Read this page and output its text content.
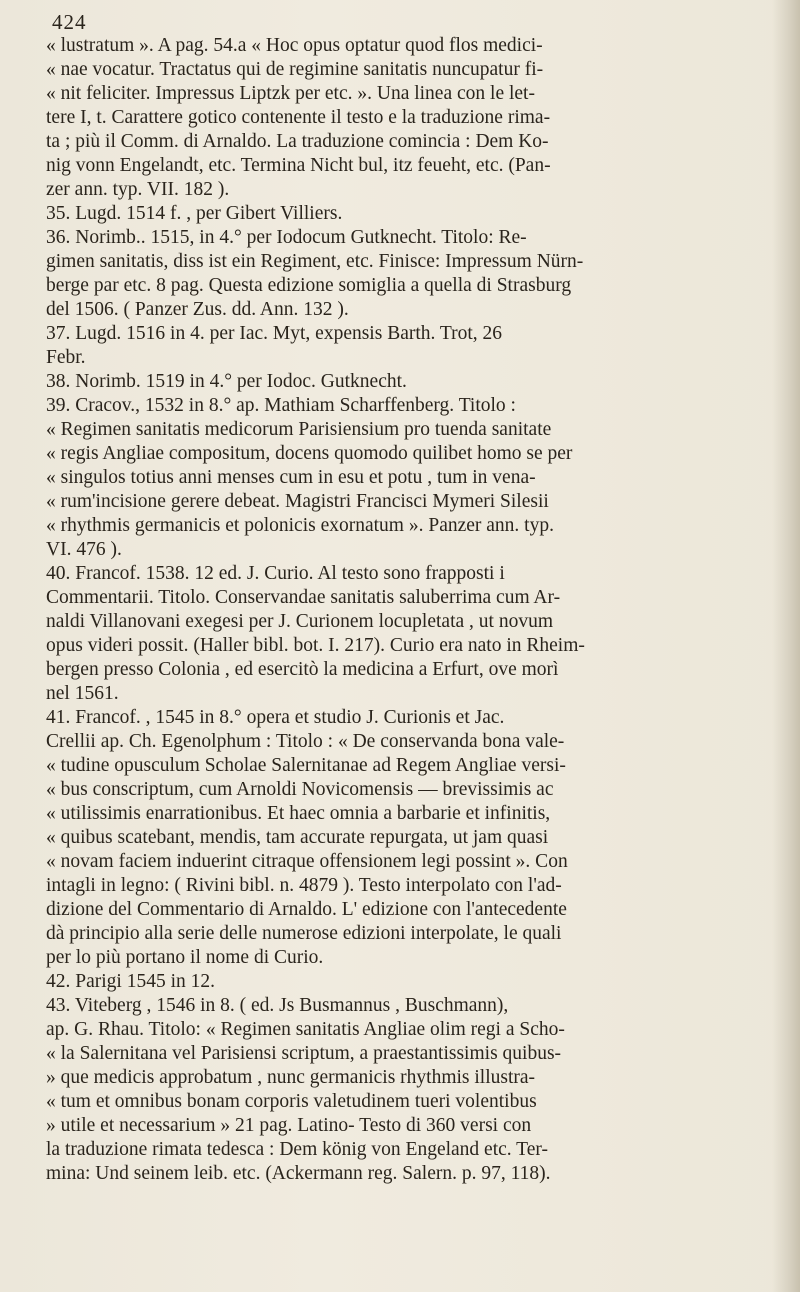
424
« lustratum ». A pag. 54.a « Hoc opus optatur quod flos medici-
« nae vocatur. Tractatus qui de regimine sanitatis nuncupatur fi-
« nit feliciter. Impressus Liptzk per etc. ». Una linea con le let-
tere I, t. Carattere gotico contenente il testo e la traduzione rima-
ta ; più il Comm. di Arnaldo. La traduzione comincia : Dem Ko-
nig vonn Engelandt, etc. Termina Nicht bul, itz feueht, etc. (Pan-
zer ann. typ. VII. 182 ).
35. Lugd. 1514 f. , per Gibert Villiers.
36. Norimb.. 1515, in 4.° per Iodocum Gutknecht. Titolo: Re-
gimen sanitatis, diss ist ein Regiment, etc. Finisce: Impressum Nürn-
berge par etc. 8 pag. Questa edizione somiglia a quella di Strasburg
del 1506. ( Panzer Zus. dd. Ann. 132 ).
37. Lugd. 1516 in 4. per Iac. Myt, expensis Barth. Trot, 26
Febr.
38. Norimb. 1519 in 4.° per Iodoc. Gutknecht.
39. Cracov., 1532 in 8.° ap. Mathiam Scharffenberg. Titolo :
« Regimen sanitatis medicorum Parisiensium pro tuenda sanitate
« regis Angliae compositum, docens quomodo quilibet homo se per
« singulos totius anni menses cum in esu et potu , tum in vena-
« rum'incisione gerere debeat. Magistri Francisci Mymeri Silesii
« rhythmis germanicis et polonicis exornatum ». Panzer ann. typ.
VI. 476 ).
40. Francof. 1538. 12 ed. J. Curio. Al testo sono frapposti i
Commentarii. Titolo. Conservandae sanitatis saluberrima cum Ar-
naldi Villanovani exegesi per J. Curionem locupletata , ut novum
opus videri possit. (Haller bibl. bot. I. 217). Curio era nato in Rheim-
bergen presso Colonia , ed esercitò la medicina a Erfurt, ove morì
nel 1561.
41. Francof. , 1545 in 8.° opera et studio J. Curionis et Jac.
Crellii ap. Ch. Egenolphum : Titolo : « De conservanda bona vale-
« tudine opusculum Scholae Salernitanae ad Regem Angliae versi-
« bus conscriptum, cum Arnoldi Novicomensis — brevissimis ac
« utilissimis enarrationibus. Et haec omnia a barbarie et infinitis,
« quibus scatebant, mendis, tam accurate repurgata, ut jam quasi
« novam faciem induerint citraque offensionem legi possint ». Con
intagli in legno: ( Rivini bibl. n. 4879 ). Testo interpolato con l'ad-
dizione del Commentario di Arnaldo. L' edizione con l'antecedente
dà principio alla serie delle numerose edizioni interpolate, le quali
per lo più portano il nome di Curio.
42. Parigi 1545 in 12.
43. Viteberg , 1546 in 8. ( ed. Js Busmannus , Buschmann),
ap. G. Rhau. Titolo: « Regimen sanitatis Angliae olim regi a Scho-
« la Salernitana vel Parisiensi scriptum, a praestantissimis quibus-
» que medicis approbatum , nunc germanicis rhythmis illustra-
« tum et omnibus bonam corporis valetudinem tueri volentibus
» utile et necessarium » 21 pag. Latino- Testo di 360 versi con
la traduzione rimata tedesca : Dem könig von Engeland etc. Ter-
mina: Und seinem leib. etc. (Ackermann reg. Salern. p. 97, 118).
